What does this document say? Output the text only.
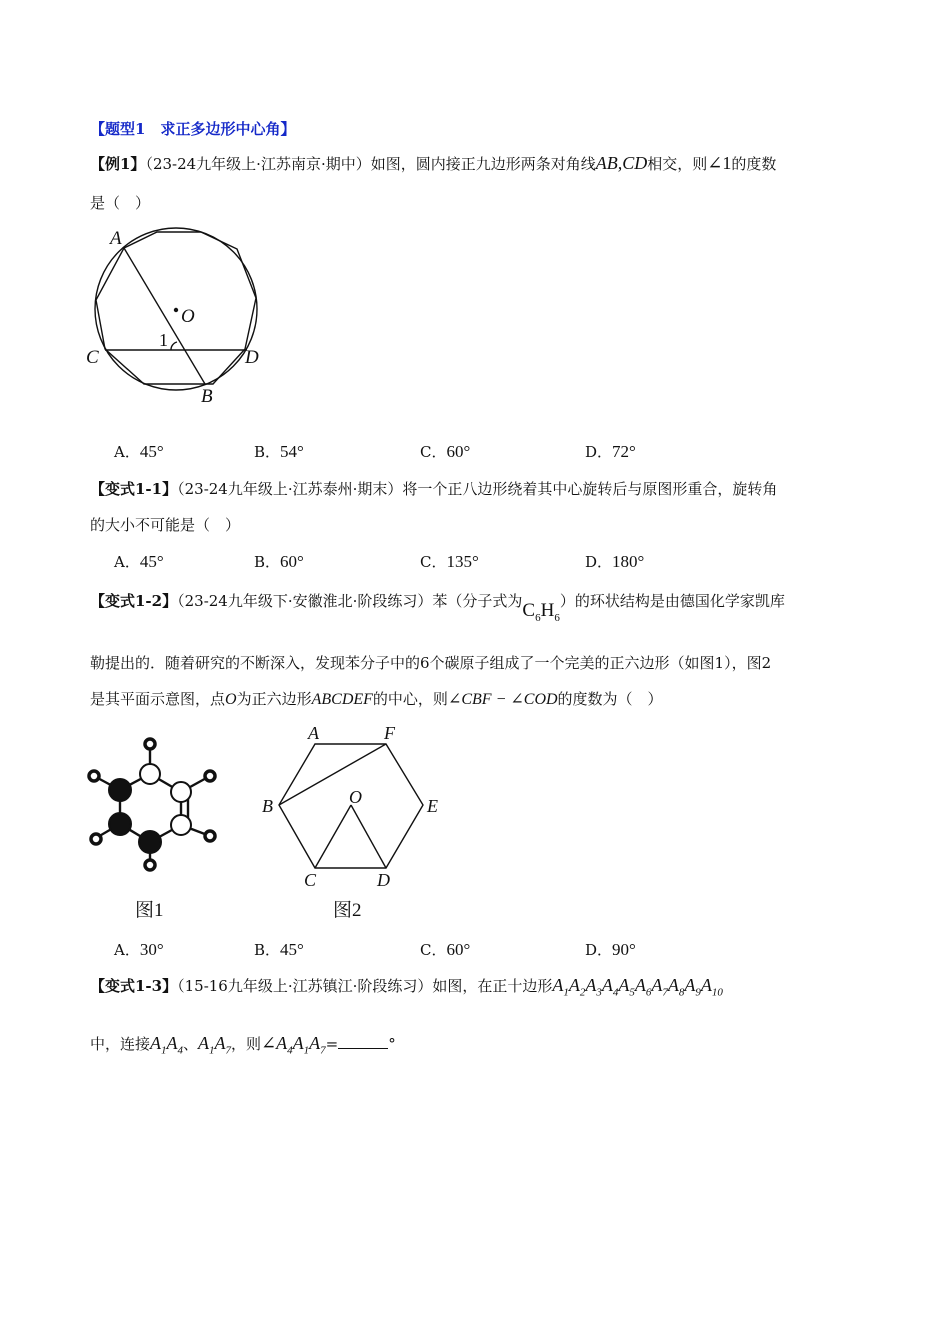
【题型1　求正多边形中心角】
【例1】（23-24九年级上·江苏南京·期中）如图，圆内接正九边形两条对角线AB,CD相交，则∠1的度数
是（　）
A
B
C	D
O
1
A．45°	B．54°	C．60°	D．72°
【变式1-1】（23-24九年级上·江苏泰州·期末）将一个正八边形绕着其中心旋转后与原图形重合，旋转角
的大小不可能是（　）
A．45°	B．60°	C．135°	D．180°
【变式1-2】（23-24九年级下·安徽淮北·阶段练习）苯（分子式为$C_6H_6$）的环状结构是由德国化学家凯库
勒提出的．随着研究的不断深入，发现苯分子中的6个碳原子组成了一个完美的正六边形（如图1），图2
是其平面示意图，点O为正六边形ABCDEF的中心，则∠CBF − ∠COD的度数为（　）
图1
A	F
B	E
C	D
O
图2
A．30°	B．45°	C．60°	D．90°
【变式1-3】（15-16九年级上·江苏镇江·阶段练习）如图，在正十边形$A_1A_2A_3A_4A_5A_6A_7A_8A_9A_{10}$
中，连接$A_1A_4$、$A_1A_7$，则$\angle A_4A_1A_7=$	°
